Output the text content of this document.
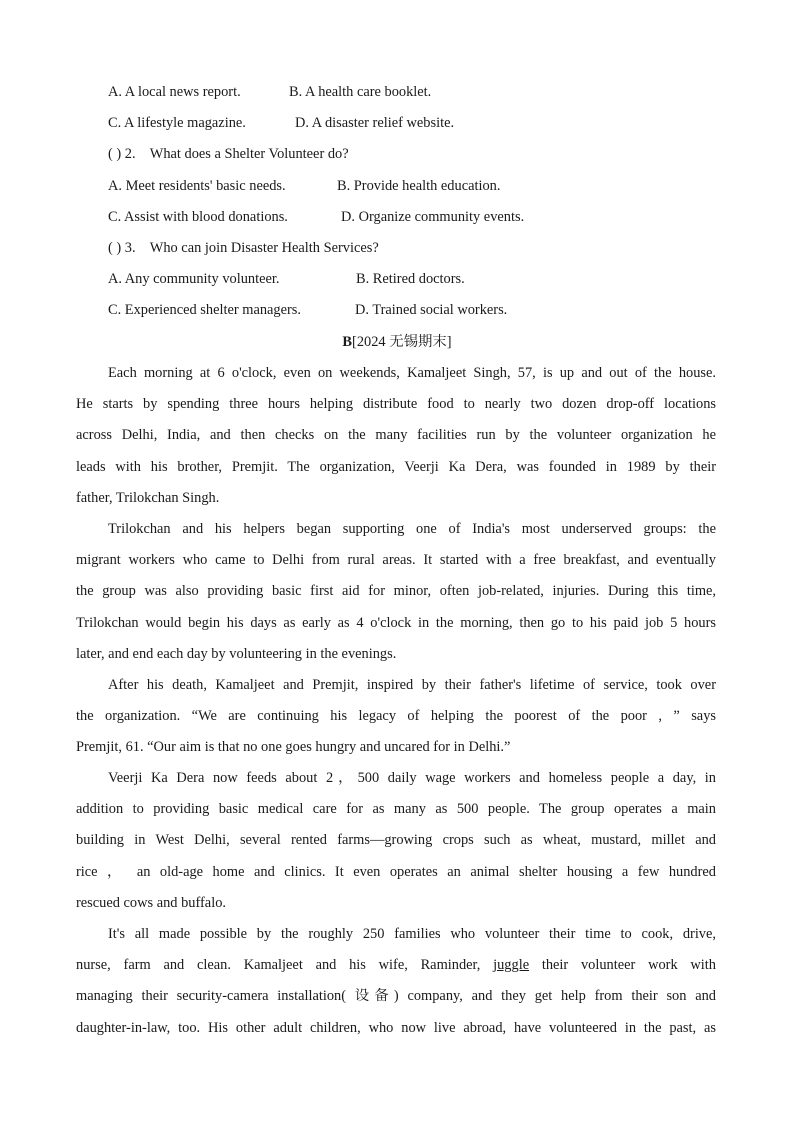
A. A local news report.	B. A health care booklet.
C. A lifestyle magazine.	D. A disaster relief website.
( ) 2. What does a Shelter Volunteer do?
A. Meet residents' basic needs.	B. Provide health education.
C. Assist with blood donations.	D. Organize community events.
( ) 3. Who can join Disaster Health Services?
A. Any community volunteer.	B. Retired doctors.
C. Experienced shelter managers.	D. Trained social workers.
B[2024 无锡期末]
Each morning at 6 o'clock, even on weekends, Kamaljeet Singh, 57, is up and out of the house.
He starts by spending three hours helping distribute food to nearly two dozen drop-off locations
across Delhi, India, and then checks on the many facilities run by the volunteer organization he
leads with his brother, Premjit. The organization, Veerji Ka Dera, was founded in 1989 by their
father, Trilokchan Singh.
Trilokchan and his helpers began supporting one of India's most underserved groups: the
migrant workers who came to Delhi from rural areas. It started with a free breakfast, and eventually
the group was also providing basic first aid for minor, often job-related, injuries. During this time,
Trilokchan would begin his days as early as 4 o'clock in the morning, then go to his paid job 5 hours
later, and end each day by volunteering in the evenings.
After his death, Kamaljeet and Premjit, inspired by their father's lifetime of service, took over
the organization. “We are continuing his legacy of helping the poorest of the poor , ” says
Premjit, 61. “Our aim is that no one goes hungry and uncared for in Delhi.”
Veerji Ka Dera now feeds about 2，500 daily wage workers and homeless people a day, in
addition to providing basic medical care for as many as 500 people. The group operates a main
building in West Delhi, several rented farms—growing crops such as wheat, mustard, millet and
rice ， an old-age home and clinics. It even operates an animal shelter housing a few hundred
rescued cows and buffalo.
It's all made possible by the roughly 250 families who volunteer their time to cook, drive,
nurse, farm and clean. Kamaljeet and his wife, Raminder, juggle their volunteer work with
managing their security-camera installation( 设备) company, and they get help from their son and
daughter-in-law, too. His other adult children, who now live abroad, have volunteered in the past, as
